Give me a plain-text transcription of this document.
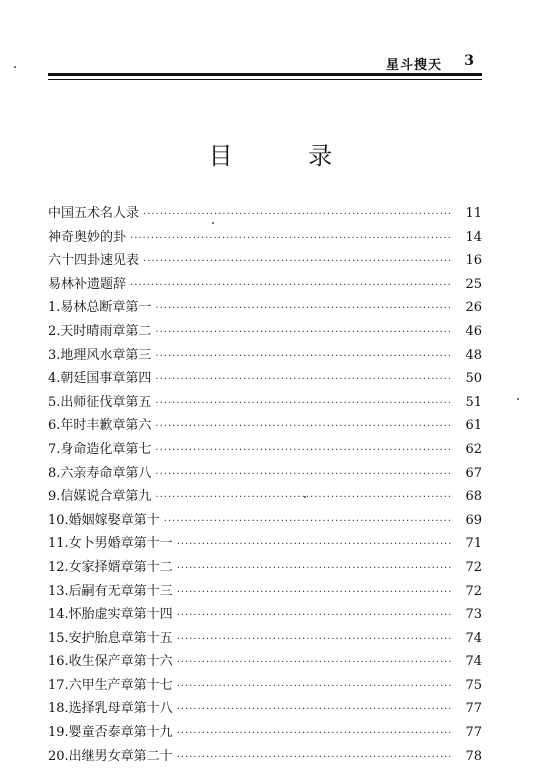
星斗搜天 3
目 录
中国五术名人录 ·····	11
神奇奥妙的卦 ·····	14
六十四卦速见表 ·····	16
易林补遗题辞 ·····	25
1.易林总断章第一 ·····	26
2.天时晴雨章第二 ·····	46
3.地理风水章第三 ·····	48
4.朝廷国事章第四 ·····	50
5.出师征伐章第五 ·····	51
6.年时丰歉章第六 ·····	61
7.身命造化章第七 ·····	62
8.六亲寿命章第八 ·····	67
9.信媒说合章第九 ·····	68
10.婚姻嫁娶章第十 ·····	69
11.女卜男婚章第十一 ·····	71
12.女家择婿章第十二 ·····	72
13.后嗣有无章第十三 ·····	72
14.怀胎虚实章第十四 ·····	73
15.安护胎息章第十五 ·····	74
16.收生保产章第十六 ·····	74
17.六甲生产章第十七 ·····	75
18.选择乳母章第十八 ·····	77
19.婴童否泰章第十九 ·····	77
20.出继男女章第二十 ·····	78
